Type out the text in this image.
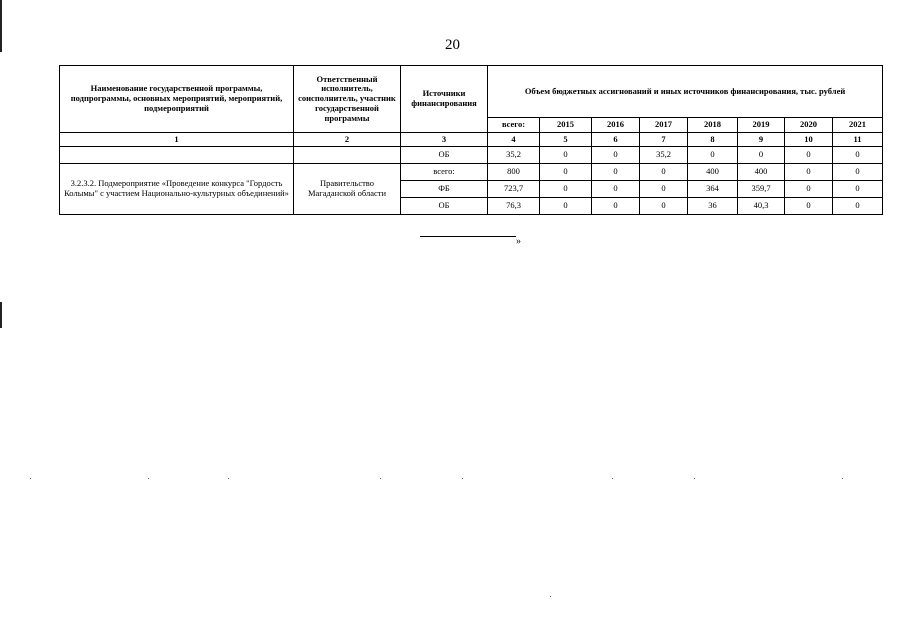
20
Наименование государственной программы, подпрограммы, основных мероприятий, мероприятий, подмероприятий	Ответственный исполнитель, соисполнитель, участник государственной программы	Источники финансирования	Объем бюджетных ассигнований и иных источников финансирования, тыс. рублей							
			всего:	2015	2016	2017	2018	2019	2020	2021
1	2	3	4	5	6	7	8	9	10	11
		ОБ	35,2	0	0	35,2	0	0	0	0
3.2.3.2. Подмероприятие «Проведение конкурса "Гордость Колымы" с участием Национально-культурных объединений»	Правительство Магаданской области	всего:	800	0	0	0	400	400	0	0
		ФБ	723,7	0	0	0	364	359,7	0	0
		ОБ	76,3	0	0	0	36	40,3	0	0
»
